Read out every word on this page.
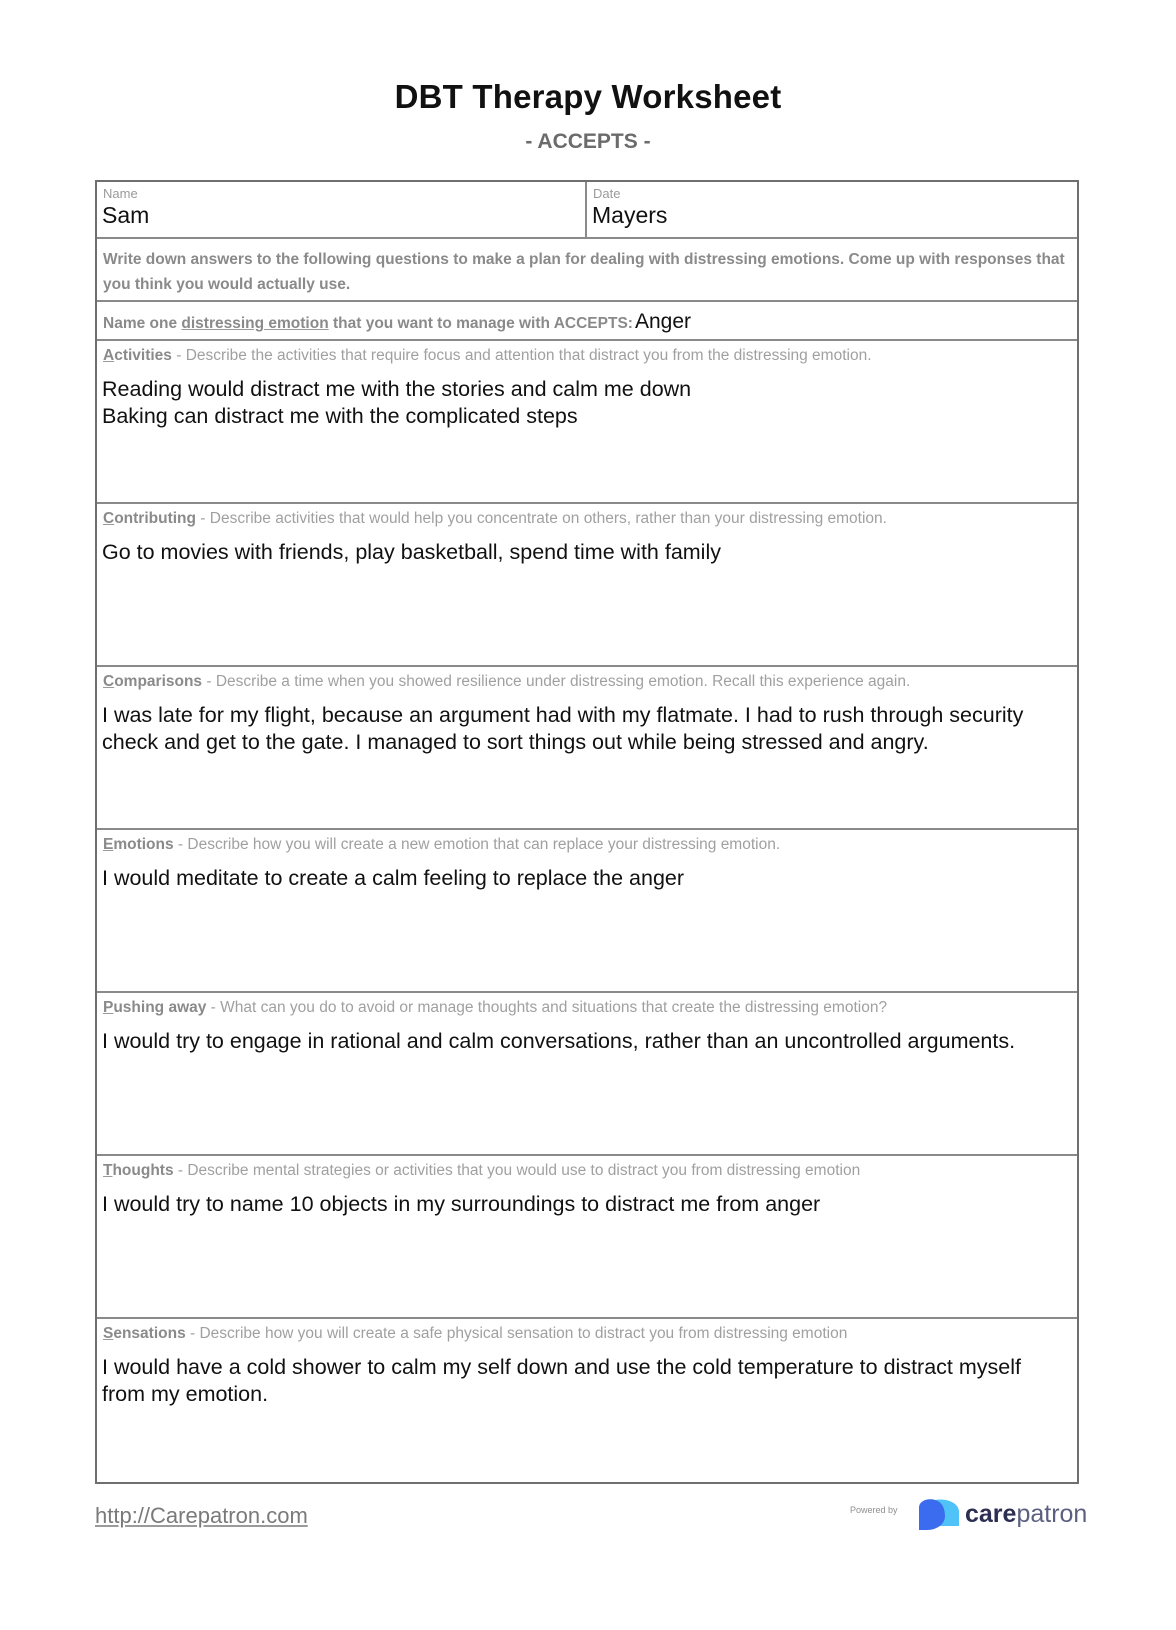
DBT Therapy Worksheet
- ACCEPTS -
Name
Sam
Date
Mayers
Write down answers to the following questions to make a plan for dealing with distressing emotions. Come up with responses that you think you would actually use.
Name one distressing emotion that you want to manage with ACCEPTS:Anger
Activities - Describe the activities that require focus and attention that distract you from the distressing emotion.
Reading would distract me with the stories and calm me down
Baking can distract me with the complicated steps
Contributing - Describe activities that would help you concentrate on others, rather than your distressing emotion.
Go to movies with friends, play basketball, spend time with family
Comparisons - Describe a time when you showed resilience under distressing emotion. Recall this experience again.
I was late for my flight, because an argument had with my flatmate. I had to rush through security check and get to the gate. I managed to sort things out while being stressed and angry.
Emotions - Describe how you will create a new emotion that can replace your distressing emotion.
I would meditate to create a calm feeling to replace the anger
Pushing away - What can you do to avoid or manage thoughts and situations that create the distressing emotion?
I would try to engage in rational and calm conversations, rather than an uncontrolled arguments.
Thoughts - Describe mental strategies or activities that you would use to distract you from distressing emotion
I would try to name 10 objects in my surroundings to distract me from anger
Sensations - Describe how you will create a safe physical sensation to distract you from distressing emotion
I would have a cold shower to calm my self down and use the cold temperature to distract myself from my emotion.
http://Carepatron.com	Powered by	carepatron
